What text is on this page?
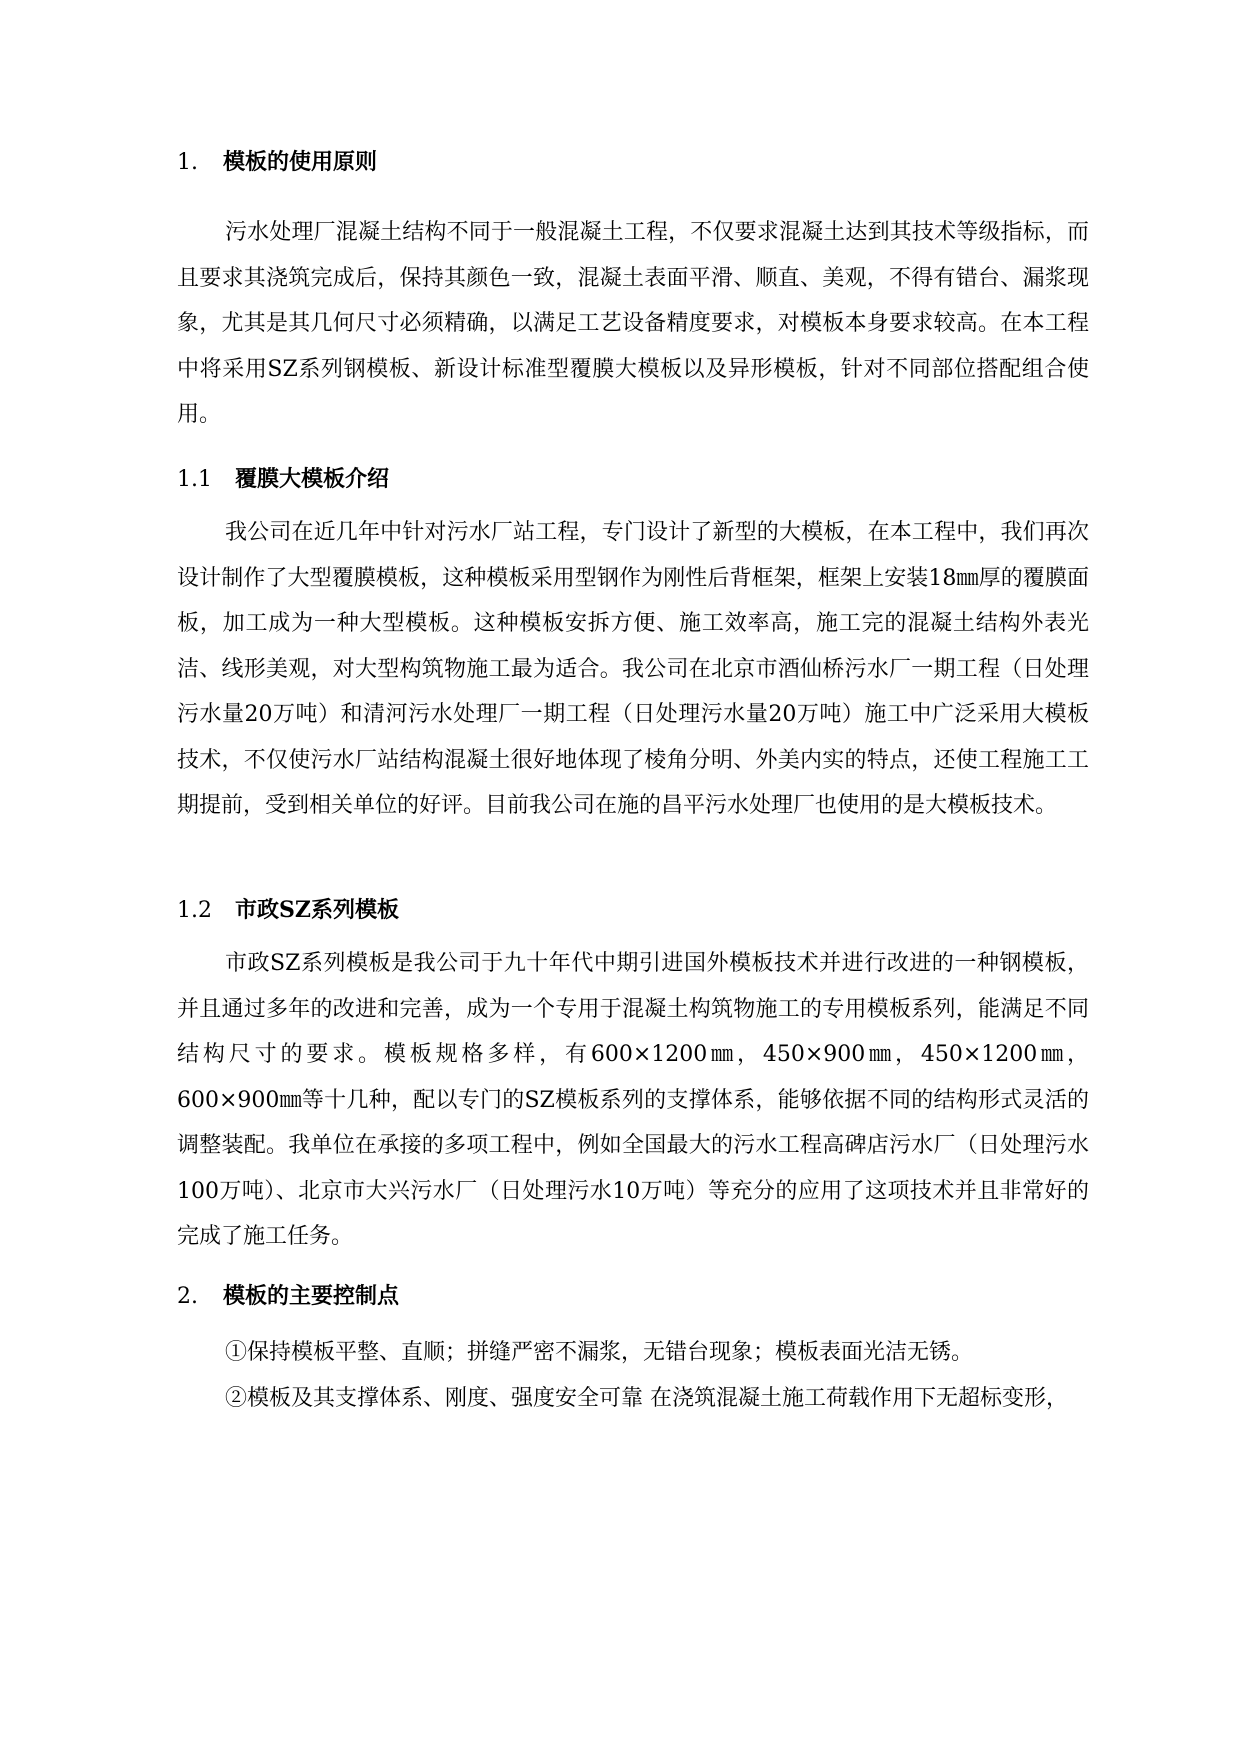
1. 模板的使用原则

污水处理厂混凝土结构不同于一般混凝土工程，不仅要求混凝土达到其技术等级指标，而且要求其浇筑完成后，保持其颜色一致，混凝土表面平滑、顺直、美观，不得有错台、漏浆现象，尤其是其几何尺寸必须精确，以满足工艺设备精度要求，对模板本身要求较高。在本工程中将采用SZ系列钢模板、新设计标准型覆膜大模板以及异形模板，针对不同部位搭配组合使用。

1.1 覆膜大模板介绍

我公司在近几年中针对污水厂站工程，专门设计了新型的大模板，在本工程中，我们再次设计制作了大型覆膜模板，这种模板采用型钢作为刚性后背框架，框架上安装18㎜厚的覆膜面板，加工成为一种大型模板。这种模板安拆方便、施工效率高，施工完的混凝土结构外表光洁、线形美观，对大型构筑物施工最为适合。我公司在北京市酒仙桥污水厂一期工程（日处理污水量20万吨）和清河污水处理厂一期工程（日处理污水量20万吨）施工中广泛采用大模板技术，不仅使污水厂站结构混凝土很好地体现了棱角分明、外美内实的特点，还使工程施工工期提前，受到相关单位的好评。目前我公司在施的昌平污水处理厂也使用的是大模板技术。

1.2 市政SZ系列模板

市政SZ系列模板是我公司于九十年代中期引进国外模板技术并进行改进的一种钢模板，并且通过多年的改进和完善，成为一个专用于混凝土构筑物施工的专用模板系列，能满足不同结构尺寸的要求。模板规格多样，有600×1200㎜，450×900㎜，450×1200㎜，600×900㎜等十几种，配以专门的SZ模板系列的支撑体系，能够依据不同的结构形式灵活的调整装配。我单位在承接的多项工程中，例如全国最大的污水工程高碑店污水厂（日处理污水100万吨）、北京市大兴污水厂（日处理污水10万吨）等充分的应用了这项技术并且非常好的完成了施工任务。

2. 模板的主要控制点

①保持模板平整、直顺；拼缝严密不漏浆，无错台现象；模板表面光洁无锈。

②模板及其支撑体系、刚度、强度安全可靠 在浇筑混凝土施工荷载作用下无超标变形，
